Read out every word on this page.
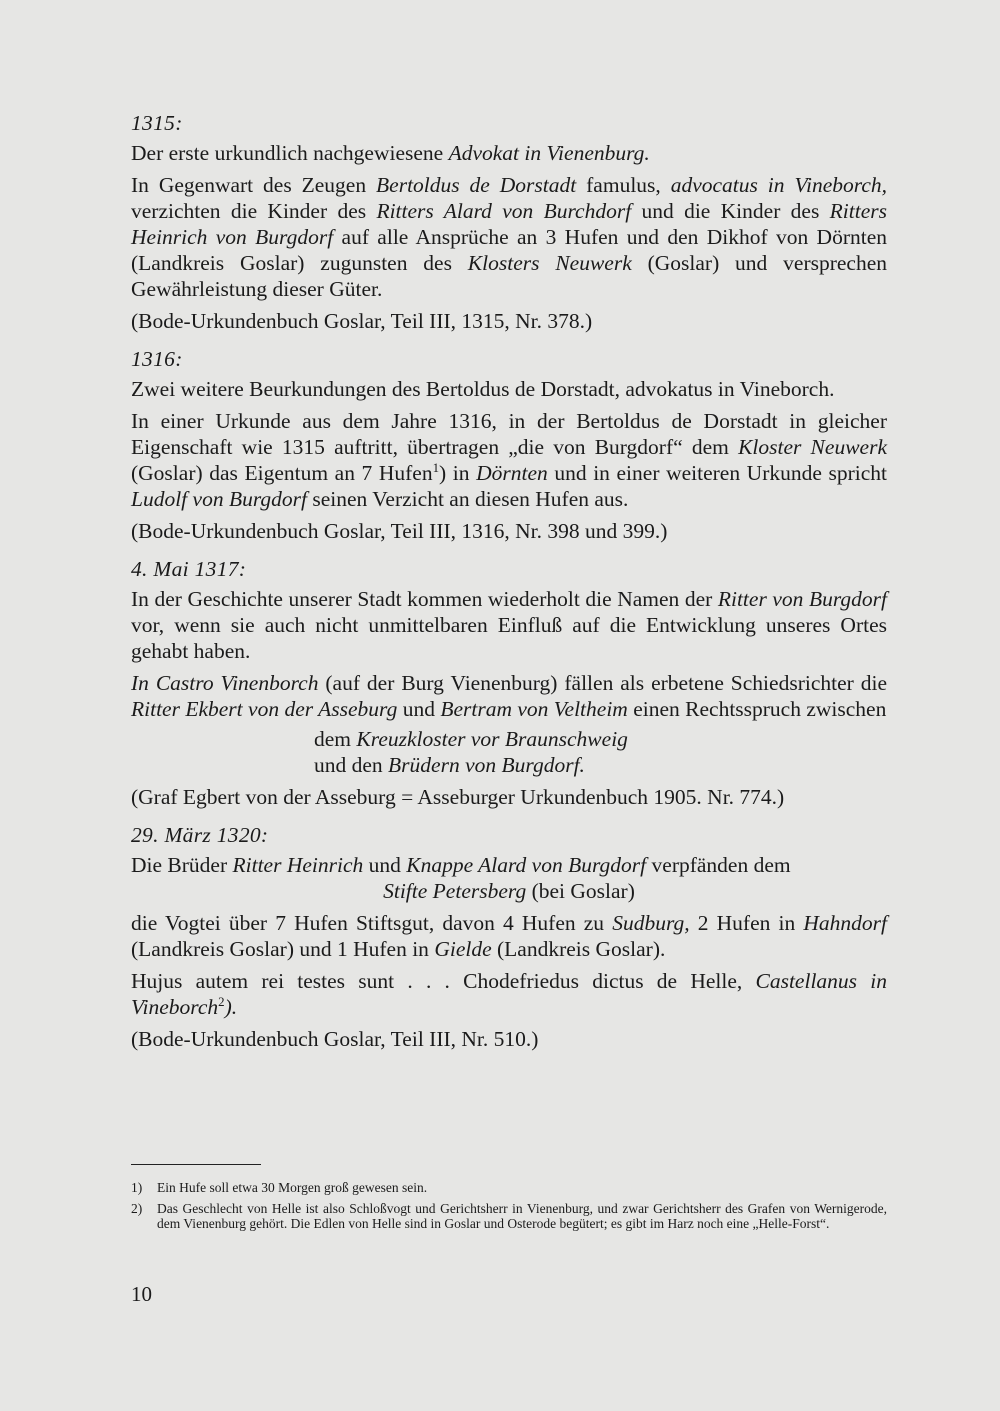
1315:

Der erste urkundlich nachgewiesene Advokat in Vienenburg.

In Gegenwart des Zeugen Bertoldus de Dorstadt famulus, advocatus in Vineborch, verzichten die Kinder des Ritters Alard von Burchdorf und die Kinder des Ritters Heinrich von Burgdorf auf alle Ansprüche an 3 Hufen und den Dikhof von Dörnten (Landkreis Goslar) zugunsten des Klosters Neuwerk (Goslar) und versprechen Gewährleistung dieser Güter.

(Bode-Urkundenbuch Goslar, Teil III, 1315, Nr. 378.)

1316:

Zwei weitere Beurkundungen des Bertoldus de Dorstadt, advokatus in Vineborch.

In einer Urkunde aus dem Jahre 1316, in der Bertoldus de Dorstadt in gleicher Eigenschaft wie 1315 auftritt, übertragen „die von Burgdorf“ dem Kloster Neuwerk (Goslar) das Eigentum an 7 Hufen$^1$) in Dörnten und in einer weiteren Urkunde spricht Ludolf von Burgdorf seinen Verzicht an diesen Hufen aus.

(Bode-Urkundenbuch Goslar, Teil III, 1316, Nr. 398 und 399.)

4. Mai 1317:

In der Geschichte unserer Stadt kommen wiederholt die Namen der Ritter von Burgdorf vor, wenn sie auch nicht unmittelbaren Einfluß auf die Entwicklung unseres Ortes gehabt haben.

In Castro Vinenborch (auf der Burg Vienenburg) fällen als erbetene Schiedsrichter die Ritter Ekbert von der Asseburg und Bertram von Veltheim einen Rechtsspruch zwischen

dem Kreuzkloster vor Braunschweig
und den Brüdern von Burgdorf.

(Graf Egbert von der Asseburg = Asseburger Urkundenbuch 1905. Nr. 774.)

29. März 1320:

Die Brüder Ritter Heinrich und Knappe Alard von Burgdorf verpfänden dem

Stifte Petersberg (bei Goslar)

die Vogtei über 7 Hufen Stiftsgut, davon 4 Hufen zu Sudburg, 2 Hufen in Hahndorf (Landkreis Goslar) und 1 Hufen in Gielde (Landkreis Goslar).

Hujus autem rei testes sunt . . . Chodefriedus dictus de Helle, Castellanus in Vineborch$^2$).

(Bode-Urkundenbuch Goslar, Teil III, Nr. 510.)

1)	Ein Hufe soll etwa 30 Morgen groß gewesen sein.
2)	Das Geschlecht von Helle ist also Schloßvogt und Gerichtsherr in Vienenburg, und zwar Gerichtsherr des Grafen von Wernigerode, dem Vienenburg gehört. Die Edlen von Helle sind in Goslar und Osterode begütert; es gibt im Harz noch eine „Helle-Forst“.
10
